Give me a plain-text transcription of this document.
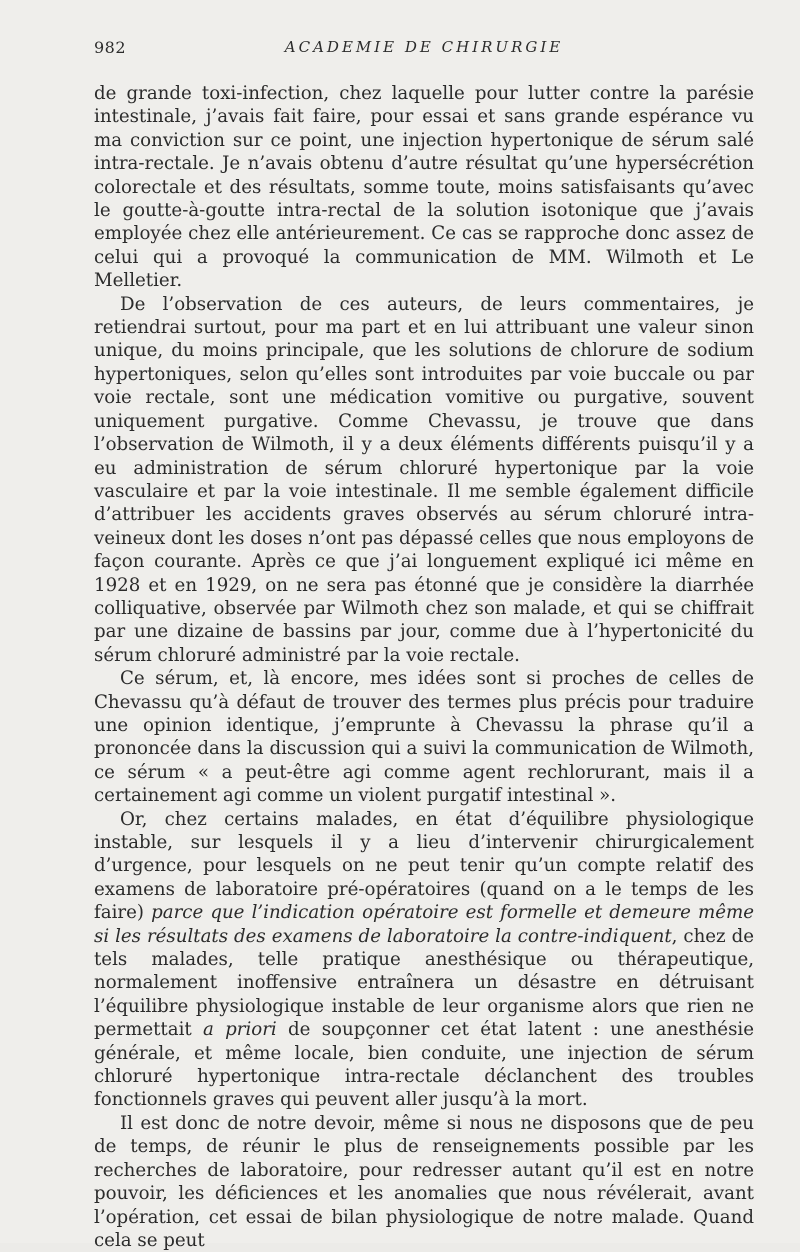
982	ACADEMIE DE CHIRURGIE

de grande toxi-infection, chez laquelle pour lutter contre la parésie intestinale, j’avais fait faire, pour essai et sans grande espérance vu ma conviction sur ce point, une injection hypertonique de sérum salé intra-rectale. Je n’avais obtenu d’autre résultat qu’une hypersécrétion colorectale et des résultats, somme toute, moins satisfaisants qu’avec le goutte-à-goutte intra-rectal de la solution isotonique que j’avais employée chez elle antérieurement. Ce cas se rapproche donc assez de celui qui a provoqué la communication de MM. Wilmoth et Le Melletier.

De l’observation de ces auteurs, de leurs commentaires, je retiendrai surtout, pour ma part et en lui attribuant une valeur sinon unique, du moins principale, que les solutions de chlorure de sodium hypertoniques, selon qu’elles sont introduites par voie buccale ou par voie rectale, sont une médication vomitive ou purgative, souvent uniquement purgative. Comme Chevassu, je trouve que dans l’observation de Wilmoth, il y a deux éléments différents puisqu’il y a eu administration de sérum chloruré hypertonique par la voie vasculaire et par la voie intestinale. Il me semble également difficile d’attribuer les accidents graves observés au sérum chloruré intra-veineux dont les doses n’ont pas dépassé celles que nous employons de façon courante. Après ce que j’ai longuement expliqué ici même en 1928 et en 1929, on ne sera pas étonné que je considère la diarrhée colliquative, observée par Wilmoth chez son malade, et qui se chiffrait par une dizaine de bassins par jour, comme due à l’hypertonicité du sérum chloruré administré par la voie rectale.

Ce sérum, et, là encore, mes idées sont si proches de celles de Chevassu qu’à défaut de trouver des termes plus précis pour traduire une opinion identique, j’emprunte à Chevassu la phrase qu’il a prononcée dans la discussion qui a suivi la communication de Wilmoth, ce sérum « a peut-être agi comme agent rechlorurant, mais il a certainement agi comme un violent purgatif intestinal ».

Or, chez certains malades, en état d’équilibre physiologique instable, sur lesquels il y a lieu d’intervenir chirurgicalement d’urgence, pour lesquels on ne peut tenir qu’un compte relatif des examens de laboratoire pré-opératoires (quand on a le temps de les faire) parce que l’indication opératoire est formelle et demeure même si les résultats des examens de laboratoire la contre-indiquent, chez de tels malades, telle pratique anesthésique ou thérapeutique, normalement inoffensive entraînera un désastre en détruisant l’équilibre physiologique instable de leur organisme alors que rien ne permettait a priori de soupçonner cet état latent : une anesthésie générale, et même locale, bien conduite, une injection de sérum chloruré hypertonique intra-rectale déclanchent des troubles fonctionnels graves qui peuvent aller jusqu’à la mort.

Il est donc de notre devoir, même si nous ne disposons que de peu de temps, de réunir le plus de renseignements possible par les recherches de laboratoire, pour redresser autant qu’il est en notre pouvoir, les déficiences et les anomalies que nous révélerait, avant l’opération, cet essai de bilan physiologique de notre malade. Quand cela se peut
